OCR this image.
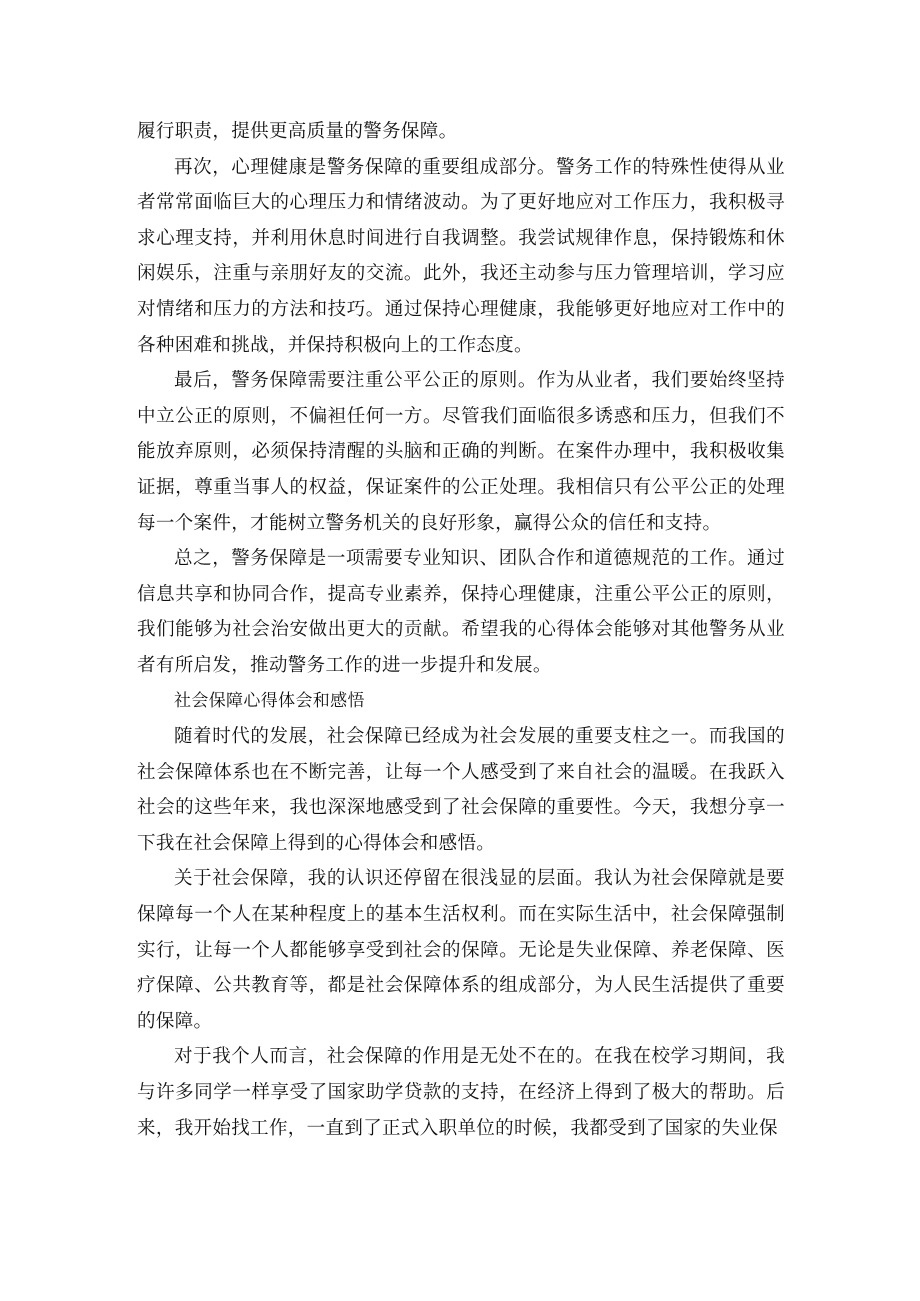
履行职责，提供更高质量的警务保障。

再次，心理健康是警务保障的重要组成部分。警务工作的特殊性使得从业者常常面临巨大的心理压力和情绪波动。为了更好地应对工作压力，我积极寻求心理支持，并利用休息时间进行自我调整。我尝试规律作息，保持锻炼和休闲娱乐，注重与亲朋好友的交流。此外，我还主动参与压力管理培训，学习应对情绪和压力的方法和技巧。通过保持心理健康，我能够更好地应对工作中的各种困难和挑战，并保持积极向上的工作态度。

最后，警务保障需要注重公平公正的原则。作为从业者，我们要始终坚持中立公正的原则，不偏袒任何一方。尽管我们面临很多诱惑和压力，但我们不能放弃原则，必须保持清醒的头脑和正确的判断。在案件办理中，我积极收集证据，尊重当事人的权益，保证案件的公正处理。我相信只有公平公正的处理每一个案件，才能树立警务机关的良好形象，赢得公众的信任和支持。

总之，警务保障是一项需要专业知识、团队合作和道德规范的工作。通过信息共享和协同合作，提高专业素养，保持心理健康，注重公平公正的原则，我们能够为社会治安做出更大的贡献。希望我的心得体会能够对其他警务从业者有所启发，推动警务工作的进一步提升和发展。

社会保障心得体会和感悟

随着时代的发展，社会保障已经成为社会发展的重要支柱之一。而我国的社会保障体系也在不断完善，让每一个人感受到了来自社会的温暖。在我跃入社会的这些年来，我也深深地感受到了社会保障的重要性。今天，我想分享一下我在社会保障上得到的心得体会和感悟。

关于社会保障，我的认识还停留在很浅显的层面。我认为社会保障就是要保障每一个人在某种程度上的基本生活权利。而在实际生活中，社会保障强制实行，让每一个人都能够享受到社会的保障。无论是失业保障、养老保障、医疗保障、公共教育等，都是社会保障体系的组成部分，为人民生活提供了重要的保障。

对于我个人而言，社会保障的作用是无处不在的。在我在校学习期间，我与许多同学一样享受了国家助学贷款的支持，在经济上得到了极大的帮助。后来，我开始找工作，一直到了正式入职单位的时候，我都受到了国家的失业保
